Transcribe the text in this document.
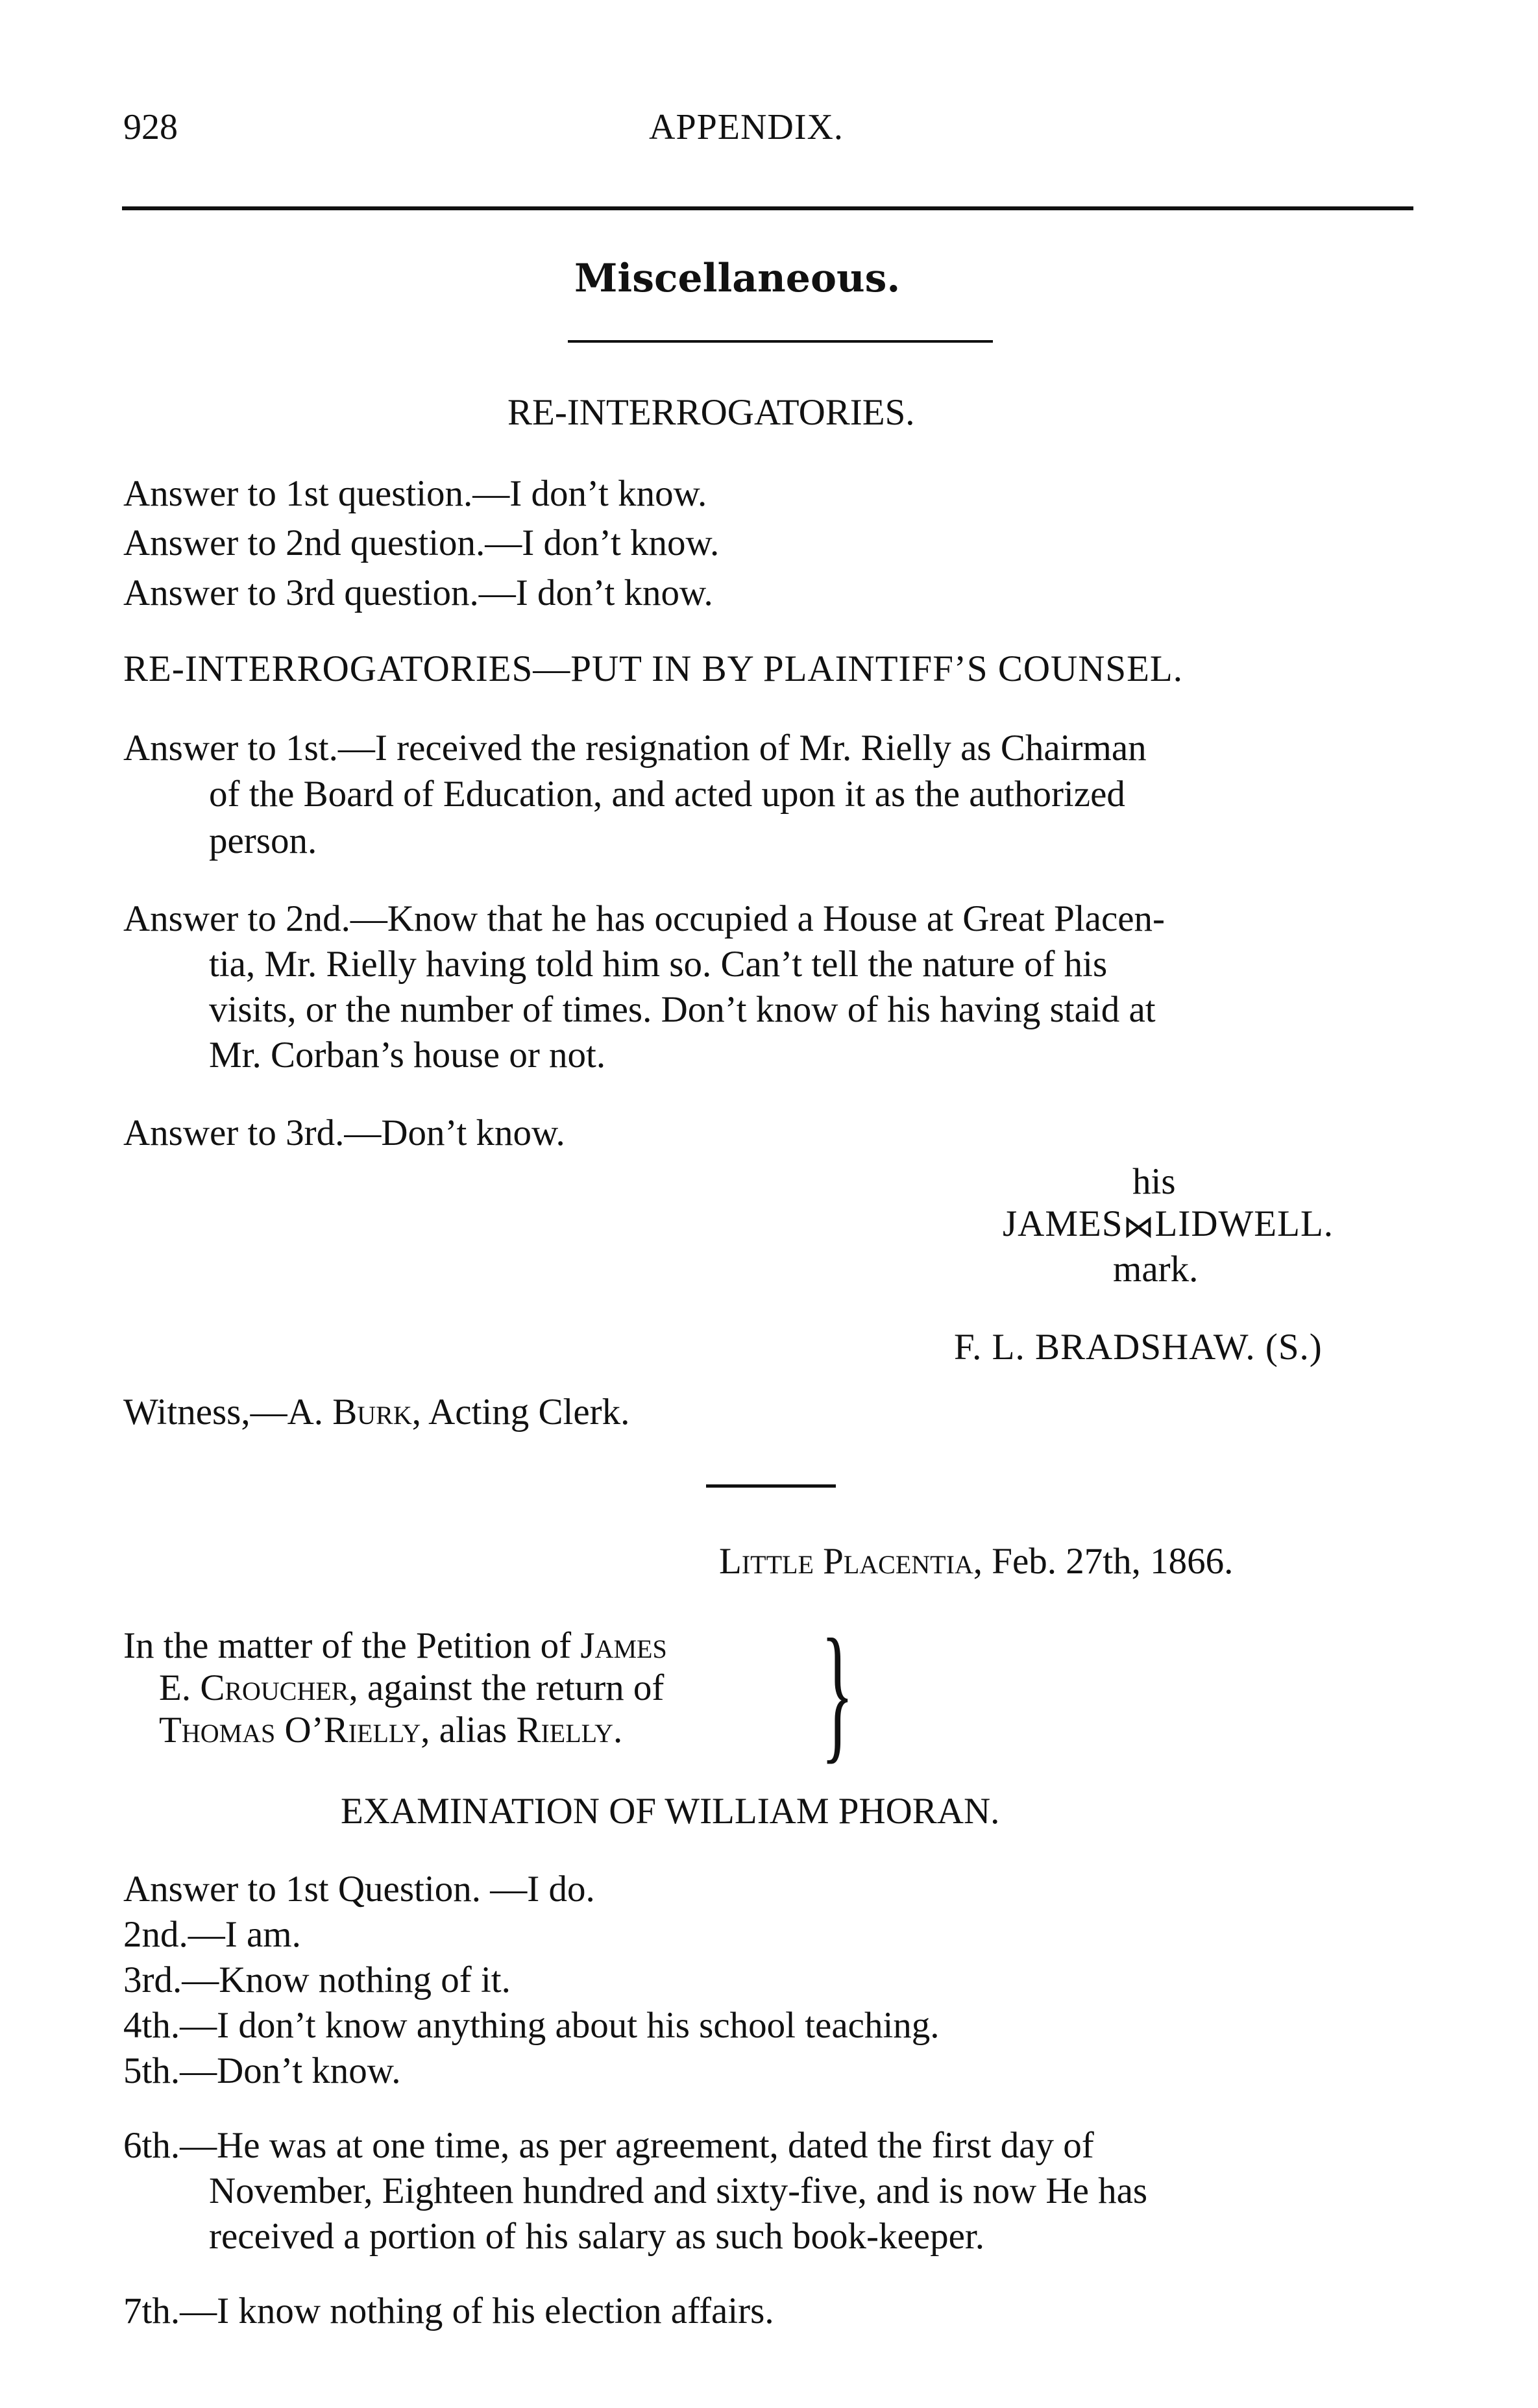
928	APPENDIX.
Miscellaneous.
RE-INTERROGATORIES.
Answer to 1st question.—I don’t know.
Answer to 2nd question.—I don’t know.
Answer to 3rd question.—I don’t know.
RE-INTERROGATORIES—PUT IN BY PLAINTIFF’S COUNSEL.
Answer to 1st.—I received the resignation of Mr. Rielly as Chairman
of the Board of Education, and acted upon it as the authorized
person.
Answer to 2nd.—Know that he has occupied a House at Great Placen-
tia, Mr. Rielly having told him so. Can’t tell the nature of his
visits, or the number of times. Don’t know of his having staid at
Mr. Corban’s house or not.
Answer to 3rd.—Don’t know.
his
JAMES⋈LIDWELL.
mark.
F. L. BRADSHAW. (S.)
Witness,—A. Burk, Acting Clerk.
Little Placentia, Feb. 27th, 1866.
In the matter of the Petition of James
E. Croucher, against the return of
Thomas O’Rielly, alias Rielly. }
EXAMINATION OF WILLIAM PHORAN.
Answer to 1st Question. —I do.
2nd.—I am.
3rd.—Know nothing of it.
4th.—I don’t know anything about his school teaching.
5th.—Don’t know.
6th.—He was at one time, as per agreement, dated the first day of
November, Eighteen hundred and sixty-five, and is now He has
received a portion of his salary as such book-keeper.
7th.—I know nothing of his election affairs.
